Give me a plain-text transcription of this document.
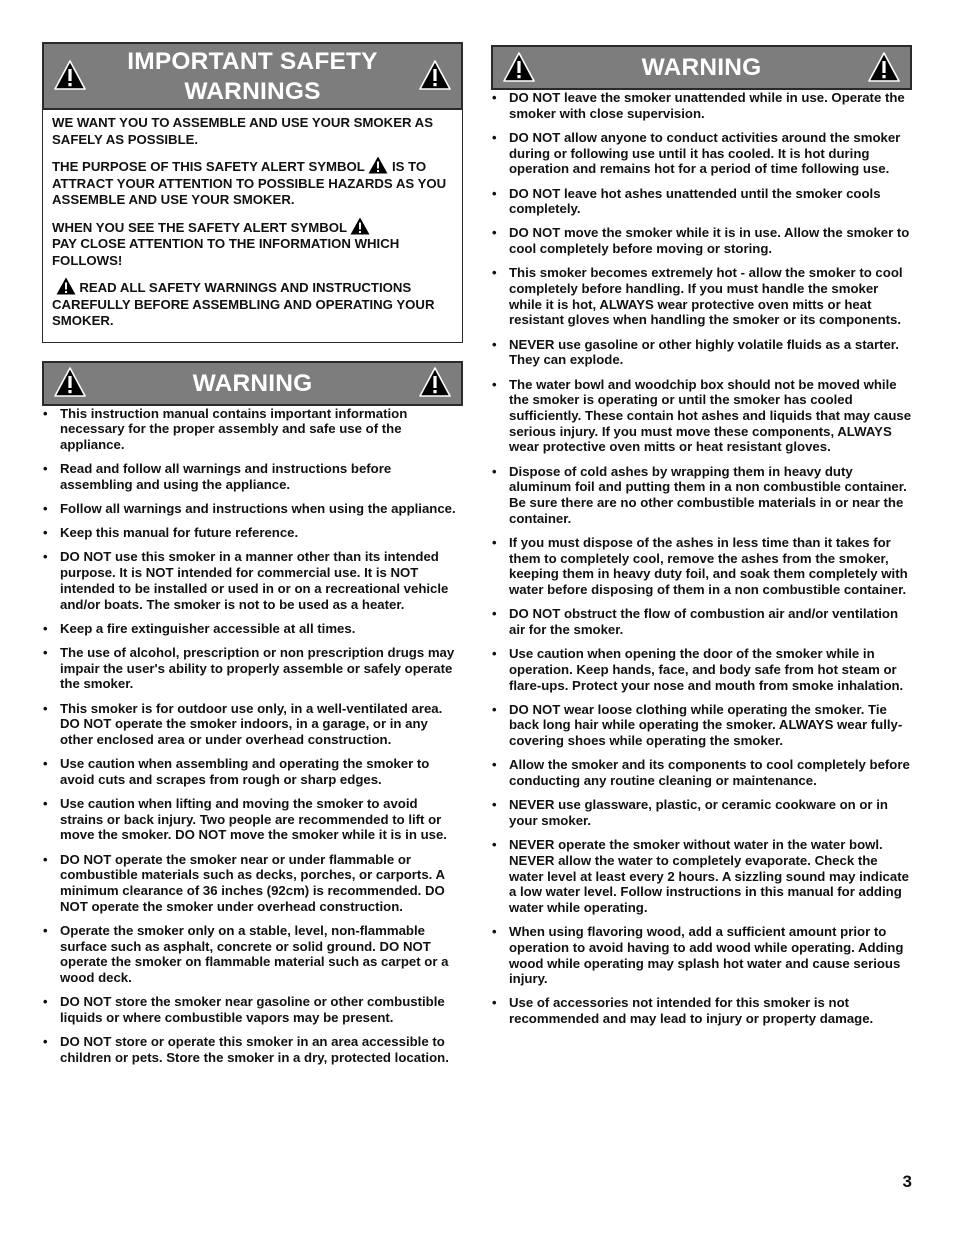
IMPORTANT SAFETY
WARNINGS

WE WANT YOU TO ASSEMBLE AND USE YOUR SMOKER AS SAFELY AS POSSIBLE.

THE PURPOSE OF THIS SAFETY ALERT SYMBOL  IS TO ATTRACT YOUR ATTENTION TO POSSIBLE HAZARDS AS YOU ASSEMBLE AND USE YOUR SMOKER.

WHEN YOU SEE THE SAFETY ALERT SYMBOL
PAY CLOSE ATTENTION TO THE INFORMATION WHICH FOLLOWS!

READ ALL SAFETY WARNINGS AND INSTRUCTIONS CAREFULLY BEFORE ASSEMBLING AND OPERATING YOUR SMOKER.

WARNING
• This instruction manual contains important information necessary for the proper assembly and safe use of the appliance.
• Read and follow all warnings and instructions before assembling and using the appliance.
• Follow all warnings and instructions when using the appliance.
• Keep this manual for future reference.
• DO NOT use this smoker in a manner other than its intended purpose. It is NOT intended for commercial use. It is NOT intended to be installed or used in or on a recreational vehicle and/or boats. The smoker is not to be used as a heater.
• Keep a fire extinguisher accessible at all times.
• The use of alcohol, prescription or non prescription drugs may impair the user's ability to properly assemble or safely operate the smoker.
• This smoker is for outdoor use only, in a well-ventilated area. DO NOT operate the smoker indoors, in a garage, or in any other enclosed area or under overhead construction.
• Use caution when assembling and operating the smoker to avoid cuts and scrapes from rough or sharp edges.
• Use caution when lifting and moving the smoker to avoid strains or back injury. Two people are recommended to lift or move the smoker. DO NOT move the smoker while it is in use.
• DO NOT operate the smoker near or under flammable or combustible materials such as decks, porches, or carports. A minimum clearance of 36 inches (92cm) is recommended. DO NOT operate the smoker under overhead construction.
• Operate the smoker only on a stable, level, non-flammable surface such as asphalt, concrete or solid ground. DO NOT operate the smoker on flammable material such as carpet or a wood deck.
• DO NOT store the smoker near gasoline or other combustible liquids or where combustible vapors may be present.
• DO NOT store or operate this smoker in an area accessible to children or pets. Store the smoker in a dry, protected location.
WARNING
• DO NOT leave the smoker unattended while in use. Operate the smoker with close supervision.
• DO NOT allow anyone to conduct activities around the smoker during or following use until it has cooled. It is hot during operation and remains hot for a period of time following use.
• DO NOT leave hot ashes unattended until the smoker cools completely.
• DO NOT move the smoker while it is in use. Allow the smoker to cool completely before moving or storing.
• This smoker becomes extremely hot - allow the smoker to cool completely before handling. If you must handle the smoker while it is hot, ALWAYS wear protective oven mitts or heat resistant gloves when handling the smoker or its components.
• NEVER use gasoline or other highly volatile fluids as a starter. They can explode.
• The water bowl and woodchip box should not be moved while the smoker is operating or until the smoker has cooled sufficiently. These contain hot ashes and liquids that may cause serious injury. If you must move these components, ALWAYS wear protective oven mitts or heat resistant gloves.
• Dispose of cold ashes by wrapping them in heavy duty aluminum foil and putting them in a non combustible container. Be sure there are no other combustible materials in or near the container.
• If you must dispose of the ashes in less time than it takes for them to completely cool, remove the ashes from the smoker, keeping them in heavy duty foil, and soak them completely with water before disposing of them in a non combustible container.
• DO NOT obstruct the flow of combustion air and/or ventilation air for the smoker.
• Use caution when opening the door of the smoker while in operation. Keep hands, face, and body safe from hot steam or flare-ups. Protect your nose and mouth from smoke inhalation.
• DO NOT wear loose clothing while operating the smoker. Tie back long hair while operating the smoker. ALWAYS wear fully-covering shoes while operating the smoker.
• Allow the smoker and its components to cool completely before conducting any routine cleaning or maintenance.
• NEVER use glassware, plastic, or ceramic cookware on or in your smoker.
• NEVER operate the smoker without water in the water bowl. NEVER allow the water to completely evaporate. Check the water level at least every 2 hours. A sizzling sound may indicate a low water level. Follow instructions in this manual for adding water while operating.
• When using flavoring wood, add a sufficient amount prior to operation to avoid having to add wood while operating. Adding wood while operating may splash hot water and cause serious injury.
• Use of accessories not intended for this smoker is not recommended and may lead to injury or property damage.
3
